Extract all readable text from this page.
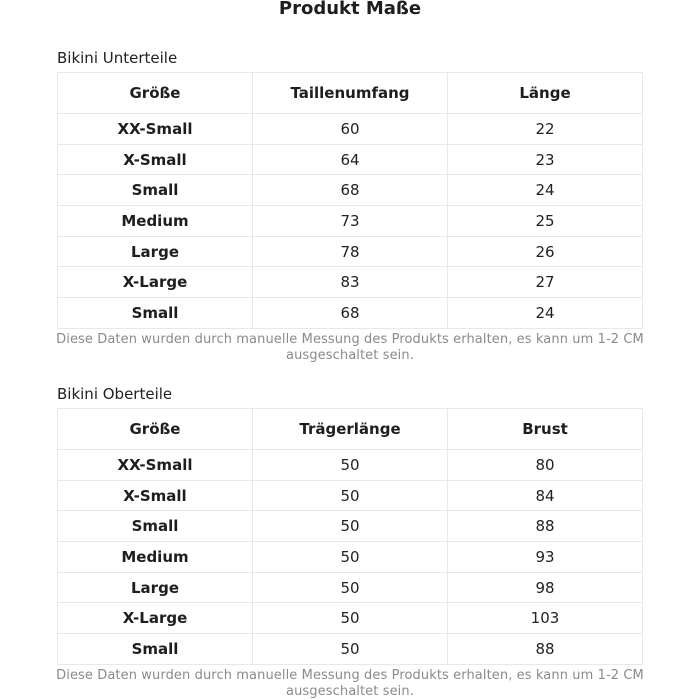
Produkt Maße
Bikini Unterteile
Größe	Taillenumfang	Länge
XX-Small	60	22
X-Small	64	23
Small	68	24
Medium	73	25
Large	78	26
X-Large	83	27
Small	68	24
Diese Daten wurden durch manuelle Messung des Produkts erhalten, es kann um 1-2 CM ausgeschaltet sein.
Bikini Oberteile
Größe	Trägerlänge	Brust
XX-Small	50	80
X-Small	50	84
Small	50	88
Medium	50	93
Large	50	98
X-Large	50	103
Small	50	88
Diese Daten wurden durch manuelle Messung des Produkts erhalten, es kann um 1-2 CM ausgeschaltet sein.
